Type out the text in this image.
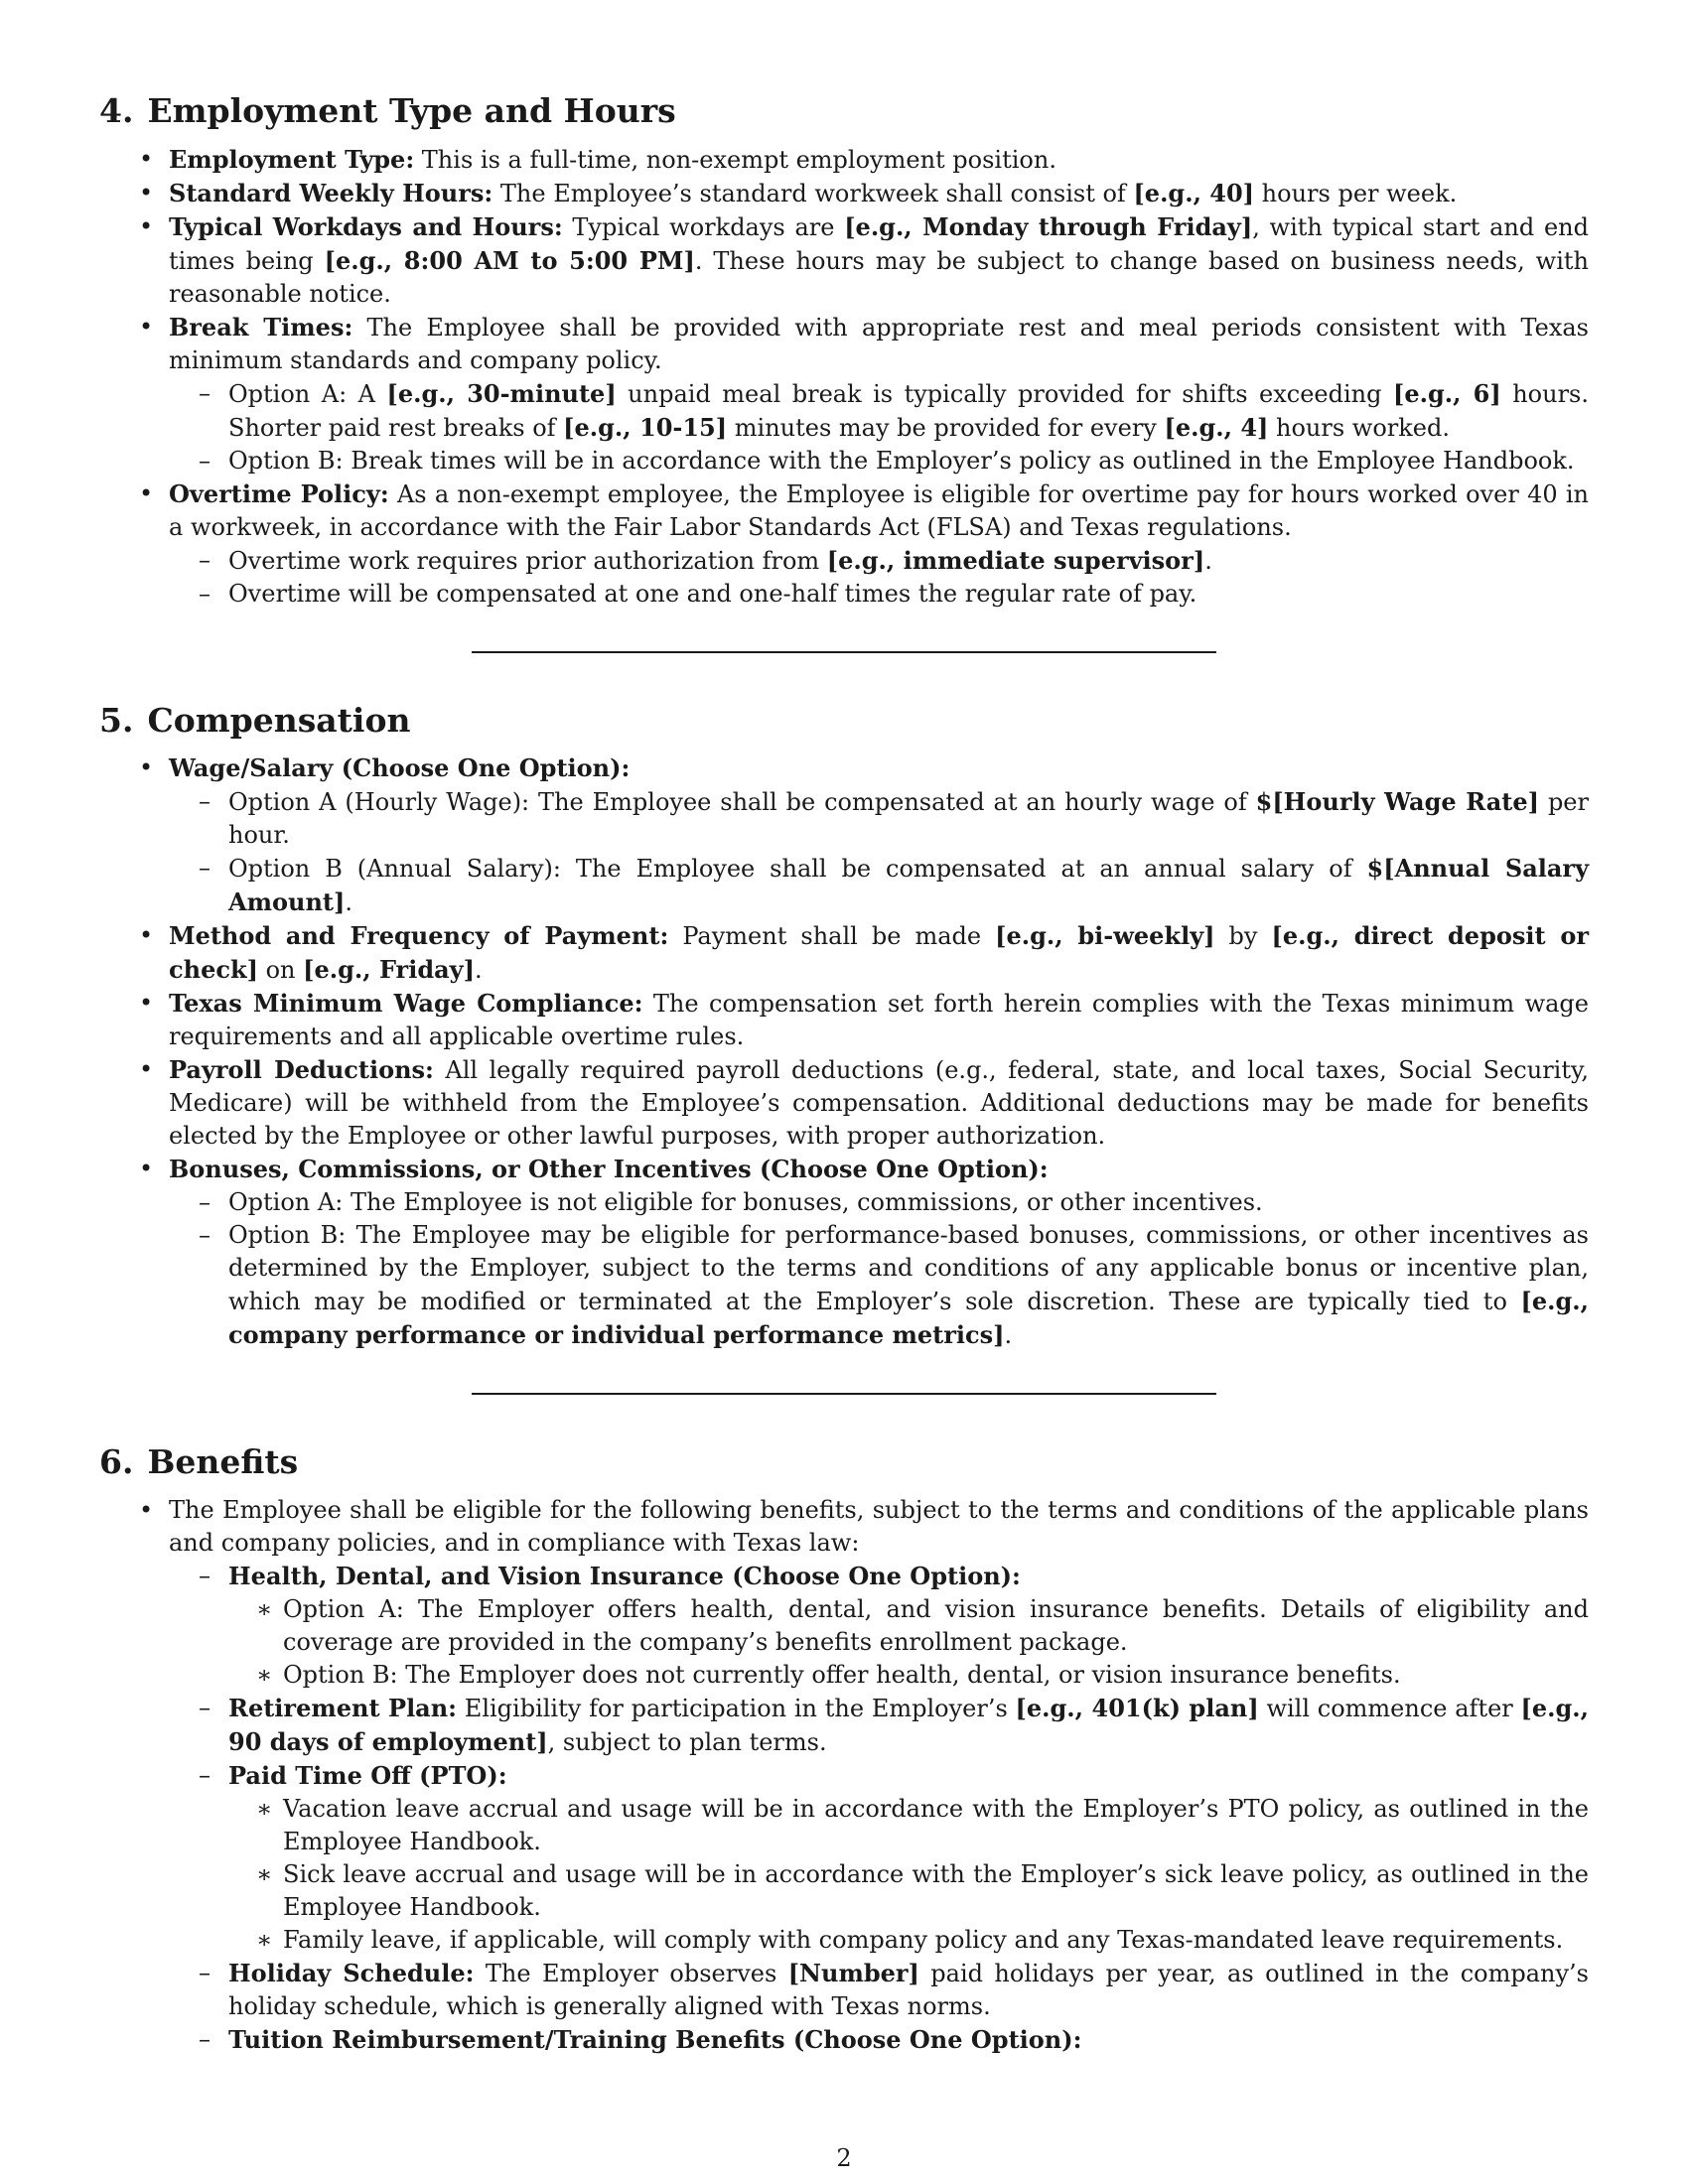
4. Employment Type and Hours
• Employment Type: This is a full-time, non-exempt employment position.
• Standard Weekly Hours: The Employee’s standard workweek shall consist of [e.g., 40] hours per week.
• Typical Workdays and Hours: Typical workdays are [e.g., Monday through Friday], with typical start and end times being [e.g., 8:00 AM to 5:00 PM]. These hours may be subject to change based on business needs, with reasonable notice.
• Break Times: The Employee shall be provided with appropriate rest and meal periods consistent with Texas minimum standards and company policy.
– Option A: A [e.g., 30-minute] unpaid meal break is typically provided for shifts exceeding [e.g., 6] hours. Shorter paid rest breaks of [e.g., 10-15] minutes may be provided for every [e.g., 4] hours worked.
– Option B: Break times will be in accordance with the Employer’s policy as outlined in the Employee Handbook.
• Overtime Policy: As a non-exempt employee, the Employee is eligible for overtime pay for hours worked over 40 in a workweek, in accordance with the Fair Labor Standards Act (FLSA) and Texas regulations.
– Overtime work requires prior authorization from [e.g., immediate supervisor].
– Overtime will be compensated at one and one-half times the regular rate of pay.
5. Compensation
• Wage/Salary (Choose One Option):
– Option A (Hourly Wage): The Employee shall be compensated at an hourly wage of $[Hourly Wage Rate] per hour.
– Option B (Annual Salary): The Employee shall be compensated at an annual salary of $[Annual Salary Amount].
• Method and Frequency of Payment: Payment shall be made [e.g., bi-weekly] by [e.g., direct deposit or check] on [e.g., Friday].
• Texas Minimum Wage Compliance: The compensation set forth herein complies with the Texas minimum wage requirements and all applicable overtime rules.
• Payroll Deductions: All legally required payroll deductions (e.g., federal, state, and local taxes, Social Security, Medicare) will be withheld from the Employee’s compensation. Additional deductions may be made for benefits elected by the Employee or other lawful purposes, with proper authorization.
• Bonuses, Commissions, or Other Incentives (Choose One Option):
– Option A: The Employee is not eligible for bonuses, commissions, or other incentives.
– Option B: The Employee may be eligible for performance-based bonuses, commissions, or other incentives as determined by the Employer, subject to the terms and conditions of any applicable bonus or incentive plan, which may be modified or terminated at the Employer’s sole discretion. These are typically tied to [e.g., company performance or individual performance metrics].
6. Benefits
• The Employee shall be eligible for the following benefits, subject to the terms and conditions of the applicable plans and company policies, and in compliance with Texas law:
– Health, Dental, and Vision Insurance (Choose One Option):
∗ Option A: The Employer offers health, dental, and vision insurance benefits. Details of eligibility and coverage are provided in the company’s benefits enrollment package.
∗ Option B: The Employer does not currently offer health, dental, or vision insurance benefits.
– Retirement Plan: Eligibility for participation in the Employer’s [e.g., 401(k) plan] will commence after [e.g., 90 days of employment], subject to plan terms.
– Paid Time Off (PTO):
∗ Vacation leave accrual and usage will be in accordance with the Employer’s PTO policy, as outlined in the Employee Handbook.
∗ Sick leave accrual and usage will be in accordance with the Employer’s sick leave policy, as outlined in the Employee Handbook.
∗ Family leave, if applicable, will comply with company policy and any Texas-mandated leave requirements.
– Holiday Schedule: The Employer observes [Number] paid holidays per year, as outlined in the company’s holiday schedule, which is generally aligned with Texas norms.
– Tuition Reimbursement/Training Benefits (Choose One Option):
2
